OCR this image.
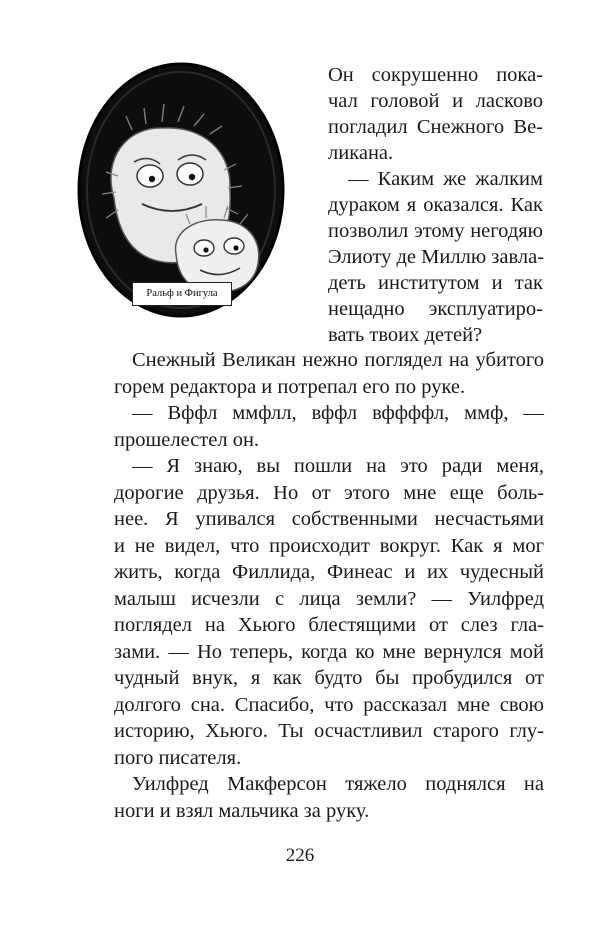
Ральф и Фигула
Он сокрушенно пока-
чал головой и ласково
погладил Снежного Ве-
ликана.
— Каким же жалким
дураком я оказался. Как
позволил этому негодяю
Элиоту де Миллю завла-
деть институтом и так
нещадно эксплуатиро-
вать твоих детей?
Снежный Великан нежно поглядел на убитого горем редактора и потрепал его по руке.
— Вффл ммфлл, вффл вффффл, ммф, —
прошелестел он.
— Я знаю, вы пошли на это ради меня,
дорогие друзья. Но от этого мне еще боль-
нее. Я упивался собственными несчастьями
и не видел, что происходит вокруг. Как я мог
жить, когда Филлида, Финеас и их чудесный
малыш исчезли с лица земли? — Уилфред
поглядел на Хьюго блестящими от слез гла-
зами. — Но теперь, когда ко мне вернулся мой
чудный внук, я как будто бы пробудился от
долгого сна. Спасибо, что рассказал мне свою
историю, Хьюго. Ты осчастливил старого глу-
пого писателя.
Уилфред Макферсон тяжело поднялся на
ноги и взял мальчика за руку.
226
